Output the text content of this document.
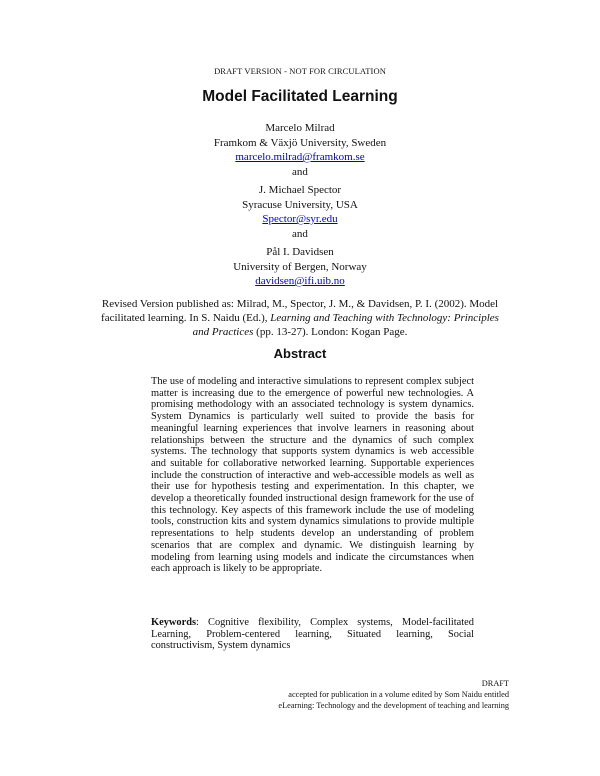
DRAFT VERSION - NOT FOR CIRCULATION
Model Facilitated Learning
Marcelo Milrad
Framkom & Växjö University, Sweden
marcelo.milrad@framkom.se
and
J. Michael Spector
Syracuse University, USA
Spector@syr.edu
and
Pål I. Davidsen
University of Bergen, Norway
davidsen@ifi.uib.no
Revised Version published as: Milrad, M., Spector, J. M., & Davidsen, P. I. (2002). Model facilitated learning. In S. Naidu (Ed.), Learning and Teaching with Technology: Principles and Practices (pp. 13-27). London: Kogan Page.
Abstract
The use of modeling and interactive simulations to represent complex subject matter is increasing due to the emergence of powerful new technologies. A promising methodology with an associated technology is system dynamics. System Dynamics is particularly well suited to provide the basis for meaningful learning experiences that involve learners in reasoning about relationships between the structure and the dynamics of such complex systems. The technology that supports system dynamics is web accessible and suitable for collaborative networked learning. Supportable experiences include the construction of interactive and web-accessible models as well as their use for hypothesis testing and experimentation. In this chapter, we develop a theoretically founded instructional design framework for the use of this technology. Key aspects of this framework include the use of modeling tools, construction kits and system dynamics simulations to provide multiple representations to help students develop an understanding of problem scenarios that are complex and dynamic. We distinguish learning by modeling from learning using models and indicate the circumstances when each approach is likely to be appropriate.
Keywords: Cognitive flexibility, Complex systems, Model-facilitated Learning, Problem-centered learning, Situated learning, Social constructivism, System dynamics
DRAFT
accepted for publication in a volume edited by Som Naidu entitled
eLearning: Technology and the development of teaching and learning
